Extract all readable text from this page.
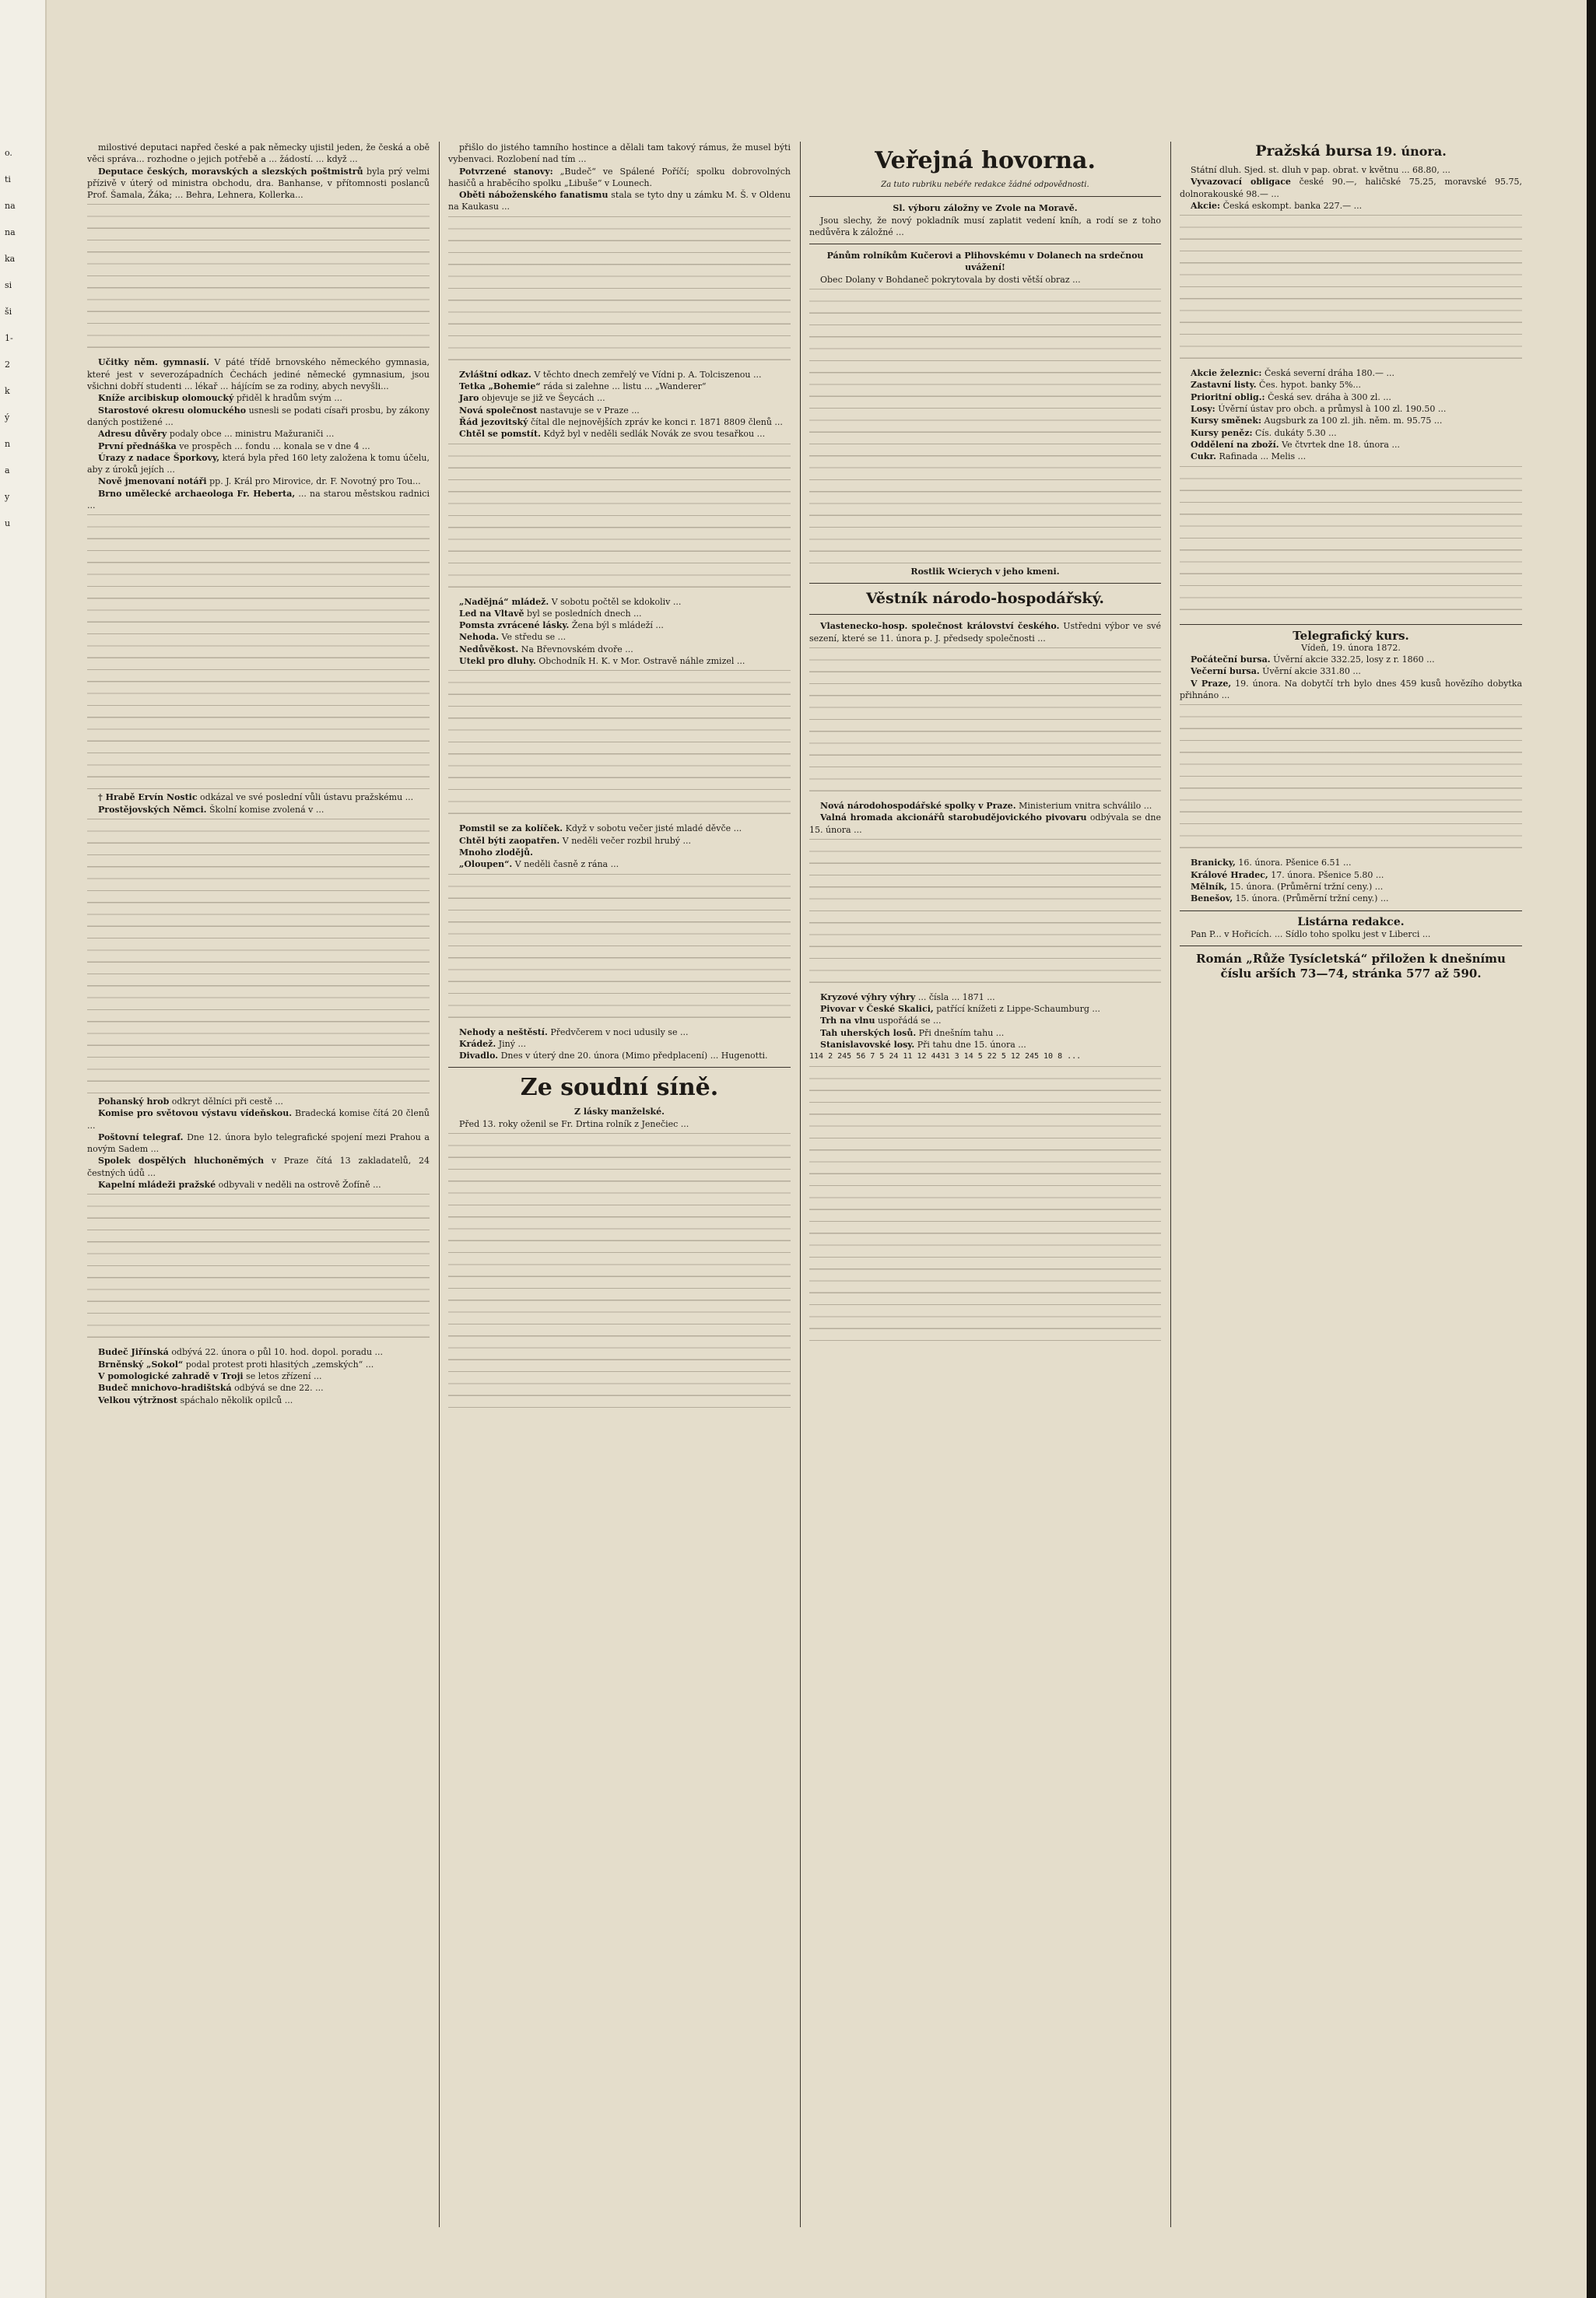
o.
ti
na
na
ka
si
ši
1-
2
k
ý
n
a
y
u

milostivé deputaci napřed české a pak německy ujistil jeden, že česká a obě věci správa... rozhodne o jejich potřebě a ... žádostí. ... když ...

Deputace českých, moravských a slezských poštmistrů byla prý velmi přízivě v úterý od ministra obchodu, dra. Banhanse, v přítomnosti poslanců Prof. Šamala, Žáka; ... Behra, Lehnera, Kollerka...

Učitky něm. gymnasií. V páté třídě brnovského německého gymnasia, které jest v severozápadních Čechách jediné německé gymnasium, jsou všichni dobří studenti ... lékař ... hájícím se za rodiny, abych nevyšli...

Kníže arcibiskup olomoucký přiděl k hradům svým ...

Starostové okresu olomuckého usnesli se podati císaři prosbu, by zákony daných postižené ...

Adresu důvěry podaly obce ... ministru Mažuraniči ...

První přednáška ve prospěch ... fondu ... konala se v dne 4 ...

Úrazy z nadace Šporkovy, která byla před 160 lety založena k tomu účelu, aby z úroků jejích ...

Nově jmenovaní notáři pp. J. Král pro Mirovice, dr. F. Novotný pro Tou...

Brno umělecké archaeologa Fr. Heberta, ... na starou městskou radnici ...

† Hrabě Ervín Nostic odkázal ve své poslední vůli ústavu pražskému ...

Prostějovských Němci. Školní komise zvolená v ...

Pohanský hrob odkryt dělníci při cestě ...

Komise pro světovou výstavu vídeňskou. Bradecká komise čítá 20 členů ...

Poštovní telegraf. Dne 12. února bylo telegrafické spojení mezi Prahou a novým Sadem ...

Spolek dospělých hluchoněmých v Praze čítá 13 zakladatelů, 24 čestných údů ...

Kapelní mládeži pražské odbyvali v neděli na ostrově Žofíně ...

Budeč Jiřínská odbývá 22. února o půl 10. hod. dopol. poradu ...

Brněnský „Sokol“ podal protest proti hlasitých „zemských“ ...

V pomologické zahradě v Troji se letos zřízení ...

Budeč mnichovo-hradištská odbývá se dne 22. ...

Velkou výtržnost spáchalo několik opilců ...

přišlo do jistého tamního hostince a dělali tam takový rámus, že musel býti vybenvaci. Rozlobení nad tím ...

Potvrzené stanovy: „Budeč“ ve Spálené Poříčí; spolku dobrovolných hasičů a hraběcího spolku „Libuše“ v Lounech.

Oběti náboženského fanatismu stala se tyto dny u zámku M. Š. v Oldenu na Kaukasu ...

Zvláštní odkaz. V těchto dnech zemřelý ve Vídni p. A. Tolciszenou ...

Tetka „Bohemie“ ráda si zalehne ... listu ... „Wanderer“

Jaro objevuje se již ve Šeycách ...

Nová společnost nastavuje se v Praze ...

Řád jezovitský čítal dle nejnovějších zpráv ke konci r. 1871 8809 členů ...

Chtěl se pomstít. Když byl v neděli sedlák Novák ze svou tesařkou ...

„Nadějná“ mládež. V sobotu počtěl se kdokoliv ...

Led na Vltavě byl se posledních dnech ...

Pomsta zvrácené lásky. Žena býl s mládeží ...

Nehoda. Ve středu se ...

Nedůvěkost. Na Břevnovském dvoře ...

Utekl pro dluhy. Obchodník H. K. v Mor. Ostravě náhle zmizel ...

Pomstil se za kolíček. Když v sobotu večer jisté mladé děvče ...

Chtěl býti zaopatřen. V neděli večer rozbil hrubý ...

Mnoho zlodějů.

„Oloupen“. V neděli časně z rána ...

Nehody a neštěstí. Předvčerem v noci udusily se ...

Krádež. Jiný ...

Divadlo. Dnes v úterý dne 20. února (Mimo předplacení) ... Hugenotti.

Ze soudní síně.

Z lásky manželské.

Před 13. roky oženil se Fr. Drtina rolník z Jenečiec ...

Veřejná hovorna.

Za tuto rubriku nebéře redakce žádné odpovědnosti.

Sl. výboru záložny ve Zvole na Moravě.

Jsou slechy, že nový pokladník musí zaplatit vedení kníh, a rodí se z toho nedůvěra k záložné ...

Pánům rolníkům Kučerovi a Plihovskému v Dolanech na srdečnou uvážení!

Obec Dolany v Bohdaneč pokrytovala by dosti větší obraz ...

Rostlik Wcierych v jeho kmeni.

Věstník národo-hospodářský.

Vlastenecko-hosp. společnost království českého. Ustředni výbor ve své sezení, které se 11. února p. J. předsedy společnosti ...

Nová národohospodářské spolky v Praze. Ministerium vnitra schválilo ...

Valná hromada akcionářů starobudějovického pivovaru odbývala se dne 15. února ...

Kryzové výhry výhry ... čísla ... 1871 ...

Pivovar v České Skalici, patřící knížeti z Lippe-Schaumburg ...

Trh na vlnu uspořádá se ...

Tah uherských losů. Při dnešním tahu ...

Stanislavovské losy. Při tahu dne 15. února ...

114 2 245 56 7 5 24 11 12 4431 3 14 5 22 5 12 245 10 8 ...

Pražská bursa 19. února.

Státní dluh. Sjed. st. dluh v pap. obrat. v květnu ... 68.80, ...

Vyvazovací obligace české 90.—, haličské 75.25, moravské 95.75, dolnorakouské 98.— ...

Akcie: Česká eskompt. banka 227.— ...

Akcie železnic: Česká severní dráha 180.— ...

Zastavní listy. Čes. hypot. banky 5%...

Prioritní oblig.: Česká sev. dráha à 300 zl. ...

Losy: Úvěrní ústav pro obch. a průmysl à 100 zl. 190.50 ...

Kursy směnek: Augsburk za 100 zl. jih. něm. m. 95.75 ...

Kursy peněz: Cís. dukáty 5.30 ...

Oddělení na zboží. Ve čtvrtek dne 18. února ...

Cukr. Rafinada ... Melis ...

Telegrafický kurs.

Vídeň, 19. února 1872.

Počáteční bursa. Úvěrní akcie 332.25, losy z r. 1860 ...

Večerní bursa. Úvěrní akcie 331.80 ...

V Praze, 19. února. Na dobytčí trh bylo dnes 459 kusů hovězího dobytka přihnáno ...

Branicky, 16. února. Pšenice 6.51 ...

Králové Hradec, 17. února. Pšenice 5.80 ...

Mělník, 15. února. (Průměrní tržní ceny.) ...

Benešov, 15. února. (Průměrní tržní ceny.) ...

Listárna redakce.

Pan P... v Hořicích. ... Sídlo toho spolku jest v Liberci ...

Román „Růže Tysícletská“ přiložen k dnešnímu číslu arších 73—74, stránka 577 až 590.
